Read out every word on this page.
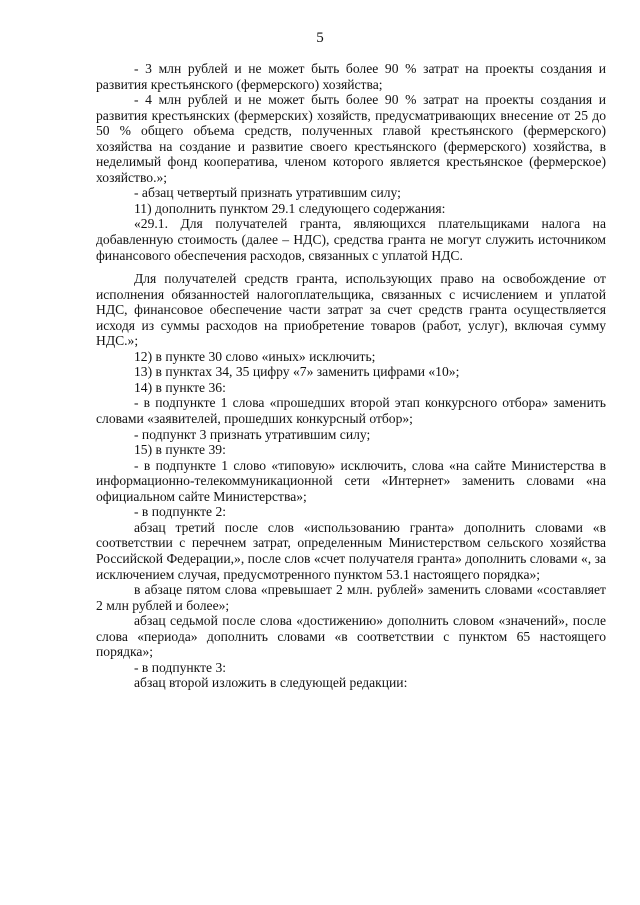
5

- 3 млн рублей и не может быть более 90 % затрат на проекты создания и развития крестьянского (фермерского) хозяйства;

- 4 млн рублей и не может быть более 90 % затрат на проекты создания и развития крестьянских (фермерских) хозяйств, предусматривающих внесение от 25 до 50 % общего объема средств, полученных главой крестьянского (фермерского) хозяйства на создание и развитие своего крестьянского (фермерского) хозяйства, в неделимый фонд кооператива, членом которого является крестьянское (фермерское) хозяйство.»;

- абзац четвертый признать утратившим силу;

11) дополнить пунктом 29.1 следующего содержания:

«29.1. Для получателей гранта, являющихся плательщиками налога на добавленную стоимость (далее – НДС), средства гранта не могут служить источником финансового обеспечения расходов, связанных с уплатой НДС.

Для получателей средств гранта, использующих право на освобождение от исполнения обязанностей налогоплательщика, связанных с исчислением и уплатой НДС, финансовое обеспечение части затрат за счет средств гранта осуществляется исходя из суммы расходов на приобретение товаров (работ, услуг), включая сумму НДС.»;

12) в пункте 30 слово «иных» исключить;

13) в пунктах 34, 35 цифру «7» заменить цифрами «10»;

14) в пункте 36:

- в подпункте 1 слова «прошедших второй этап конкурсного отбора» заменить словами «заявителей, прошедших конкурсный отбор»;

- подпункт 3 признать утратившим силу;

15) в пункте 39:

- в подпункте 1 слово «типовую» исключить, слова «на сайте Министерства в информационно-телекоммуникационной сети «Интернет» заменить словами «на официальном сайте Министерства»;

- в подпункте 2:

абзац третий после слов «использованию гранта» дополнить словами «в соответствии с перечнем затрат, определенным Министерством сельского хозяйства Российской Федерации,», после слов «счет получателя гранта» дополнить словами «, за исключением случая, предусмотренного пунктом 53.1 настоящего порядка»;

в абзаце пятом слова «превышает 2 млн. рублей» заменить словами «составляет 2 млн рублей и более»;

абзац седьмой после слова «достижению» дополнить словом «значений», после слова «периода» дополнить словами «в соответствии с пунктом 65 настоящего порядка»;

- в подпункте 3:

абзац второй изложить в следующей редакции:
